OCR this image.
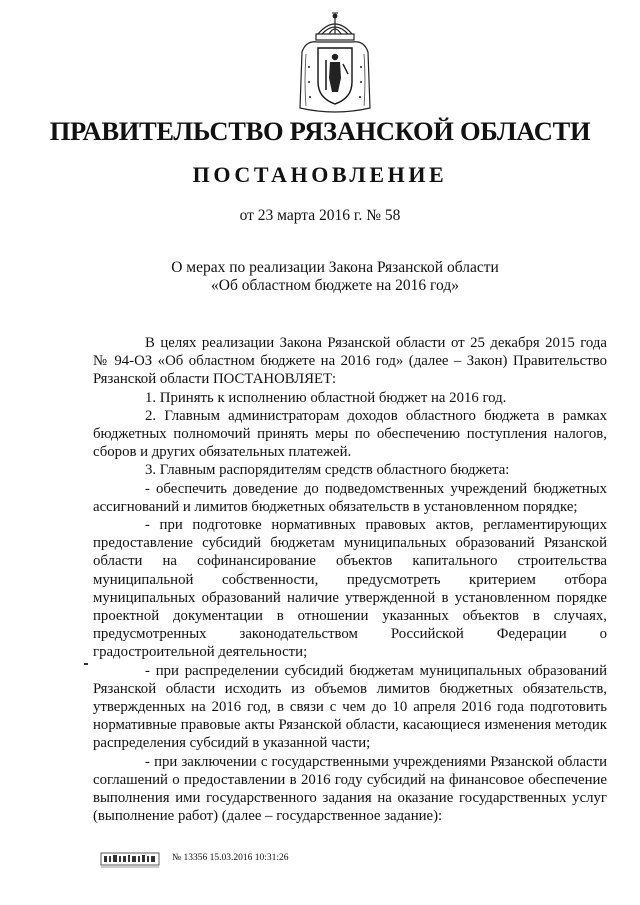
ПРАВИТЕЛЬСТВО РЯЗАНСКОЙ ОБЛАСТИ
ПОСТАНОВЛЕНИЕ
от 23 марта 2016 г. № 58
О мерах по реализации Закона Рязанской области
«Об областном бюджете на 2016 год»

В целях реализации Закона Рязанской области от 25 декабря 2015 года № 94-ОЗ «Об областном бюджете на 2016 год» (далее – Закон) Правительство Рязанской области ПОСТАНОВЛЯЕТ:

1. Принять к исполнению областной бюджет на 2016 год.

2. Главным администраторам доходов областного бюджета в рамках бюджетных полномочий принять меры по обеспечению поступления налогов, сборов и других обязательных платежей.

3. Главным распорядителям средств областного бюджета:

- обеспечить доведение до подведомственных учреждений бюджетных ассигнований и лимитов бюджетных обязательств в установленном порядке;

- при подготовке нормативных правовых актов, регламентирующих предоставление субсидий бюджетам муниципальных образований Рязанской области на софинансирование объектов капитального строительства муниципальной собственности, предусмотреть критерием отбора муниципальных образований наличие утвержденной в установленном порядке проектной документации в отношении указанных объектов в случаях, предусмотренных законодательством Российской Федерации о градостроительной деятельности;

- при распределении субсидий бюджетам муниципальных образований Рязанской области исходить из объемов лимитов бюджетных обязательств, утвержденных на 2016 год, в связи с чем до 10 апреля 2016 года подготовить нормативные правовые акты Рязанской области, касающиеся изменения методик распределения субсидий в указанной части;

- при заключении с государственными учреждениями Рязанской области соглашений о предоставлении в 2016 году субсидий на финансовое обеспечение выполнения ими государственного задания на оказание государственных услуг (выполнение работ) (далее – государственное задание):

№ 13356 15.03.2016 10:31:26
